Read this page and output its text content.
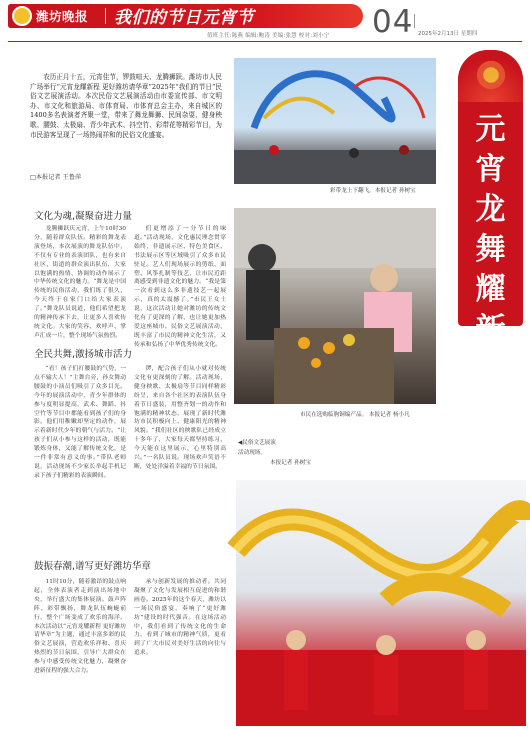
潍坊晚报 我们的节日元宵节	04 2025年2月13日 星期四
值班主任:陈燕 编辑:鲍涛 美编:张慧 校对:刘小宁
元
宵
龙
舞
耀
新
程
农历正月十五，元宵佳节，锣鼓喧天、龙腾狮跃。潍坊市人民广场举行“元宵龙耀新程 更好潍坊请华章”2025年“我们的节日”民俗文艺展演活动。本次民俗文艺展演活动由市委宣传部、市文明办、市文化和旅游局、市体育局、市体育总会主办，来自城区的1400多名表演者齐聚一堂，带来了舞龙舞狮、民间杂耍、健身秧歌、腰鼓、太极扇、青少年武术、抖空竹、彩带花等精彩节目，为市民游客呈现了一场热闹祥和的民俗文化盛宴。
□本报记者 王鲁萍
彩带龙上下翻飞。本报记者 孙树宝
文化为魂,凝聚奋进力量
龙腾狮跃庆元宵，上午10时30分，随着群众队伍。精彩的舞龙表演登场，本次展演的舞龙队伍中，不仅有专业的表演团队，也有来自社区、街道的群众演出队伍，大家以饱满的热情、协调的动作展示了中华传统文化的魅力。“舞龙是中国传统的民俗活动，我们练了很久，今天终于在家门口给大家表演了。”舞龙队员说道，他们希望把龙的精神传承下去，让更多人喜欢传统文化。大家的笑容、欢呼声、掌声汇成一片，整个现场气氛热烈。
们更增添了一分节日的味道。”活动现场，文化惠民理念贯穿始终，非遗展示区、特色美食区、书法展示区等区域吸引了众多市民驻足。艺人们现场展示的剪纸、面塑、风筝扎制等技艺，让市民近距离感受到非遗文化的魅力。“我是第一次看到这么多非遗技艺一起展示，真的太震撼了。”市民王女士说，这次活动让她对潍坊的传统文化有了更深的了解，也让她更加热爱这座城市。民俗文艺展演活动，既丰富了市民的精神文化生活，又传承和弘扬了中华优秀传统文化。
市民在选购临朐铜编产品。 本报记者 杨小凡
全民共舞,激扬城市活力
“看！孩子们打腰鼓的气势，一点不输大人！”主舞台旁，孙女舞动腰鼓的小演员们吸引了众多目光。今年的展演活动中，青少年群体的参与度明显提高，武术、舞蹈、抖空竹等节目中都能看到孩子们的身影。他们用稚嫩却坚定的动作，展示着新时代少年的朝气与活力。“让孩子们从小参与这样的活动，既能锻炼身体，又能了解传统文化，是一件非常有意义的事。”带队老师说，活动现场不少家长举起手机记录下孩子们精彩的表演瞬间。
锣，配合孩子们从小就对传统文化有更深刻的了解。活动现场，健身秧歌、太极扇等节目同样精彩纷呈，来自各个社区的表演队伍身着节日盛装，用整齐划一的动作和饱满的精神状态，展现了新时代潍坊市民积极向上、健康阳光的精神风貌。“我们社区的秧歌队已经成立十多年了，大家每天都坚持练习，今天能在这里展示，心里特别高兴。”一名队员说。现场欢声笑语不断，处处洋溢着幸福的节日氛围。
◀民俗文艺展演
活动现场。
本报记者 孙树宝
鼓振春潮,谱写更好潍坊华章
11时10分，随着激昂的鼓点响起，全体表演者走到演出场地中央，举行盛大的集体展演。鼓声阵阵、彩带飘扬，舞龙队伍蜿蜒前行，整个广场变成了欢乐的海洋。本次活动以“元宵龙耀新程 更好潍坊请华章”为主题，通过丰富多彩的民俗文艺展演，营造欢乐祥和、喜庆热烈的节日氛围，引导广大群众在参与中感受传统文化魅力，凝聚奋进新征程的强大合力。
承与创新发展的推动者。共同凝聚了文化与发展相互促进的和谐画卷。2025年的这个春天，潍坊以一场民俗盛宴，奏响了“更好潍坊”建设的时代强音。在这场活动中，我们看到了传统文化的生命力，看到了城市的精神气质，更看到了广大市民对美好生活的向往与追求。
